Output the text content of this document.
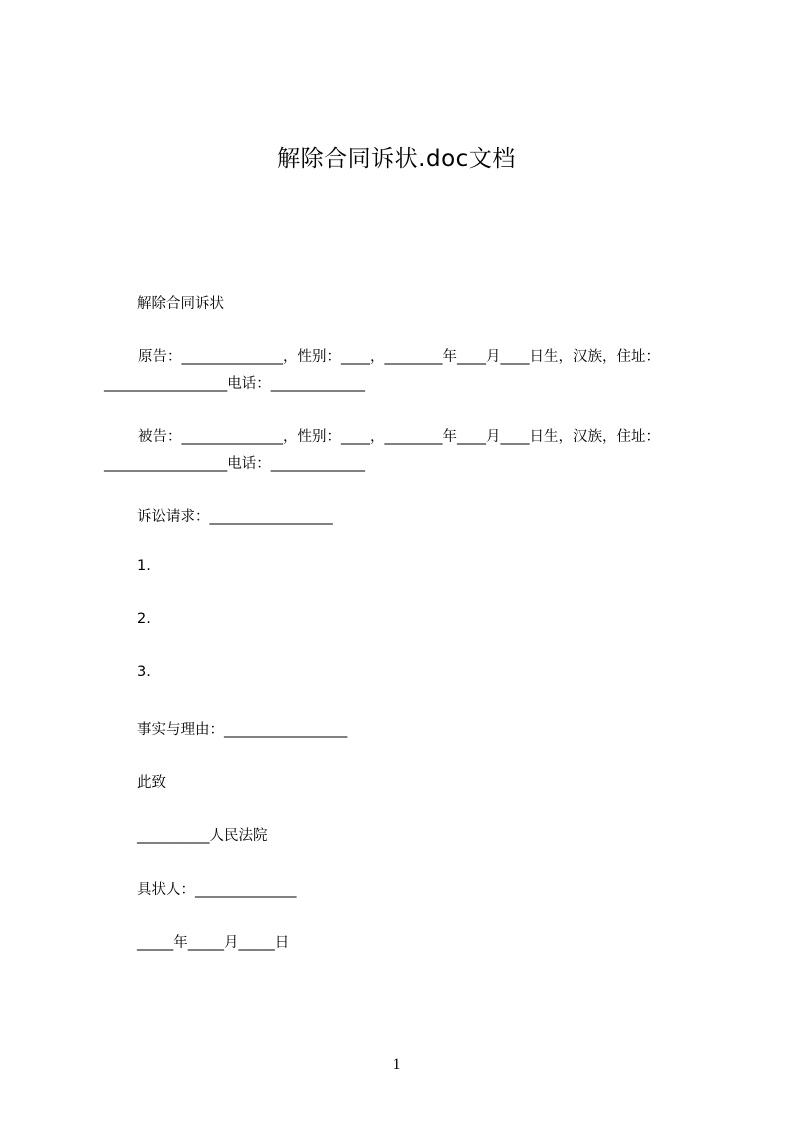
解除合同诉状.doc文档
解除合同诉状
原告：______________，性别：____，________年____月____日生，汉族，住址：
_________________电话：_____________
被告：______________，性别：____，________年____月____日生，汉族，住址：
_________________电话：_____________
诉讼请求：_________________
1.
2.
3.
事实与理由：_________________
此致
__________人民法院
具状人：______________
_____年_____月_____日
1
